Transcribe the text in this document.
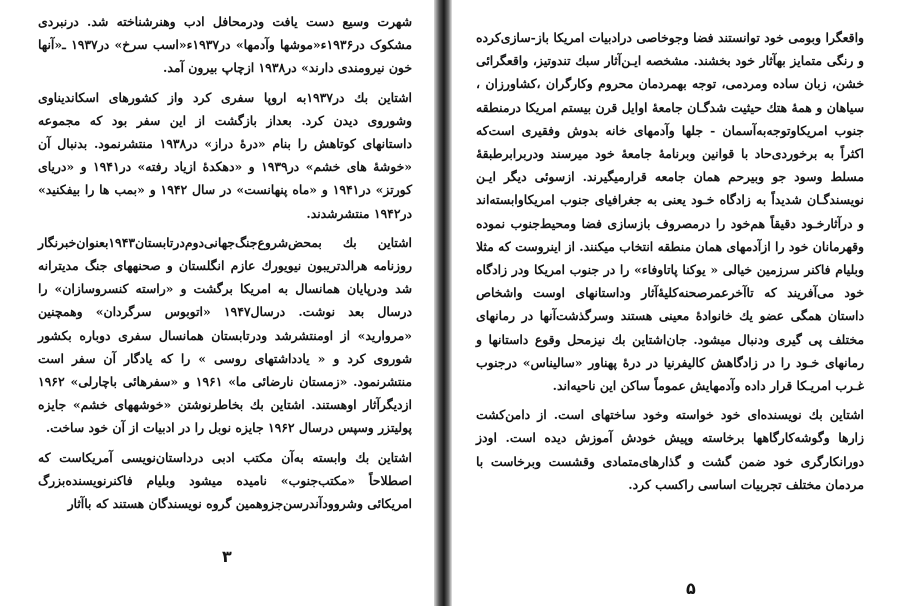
شهرت وسیع دست یافت ودرمحافل ادب وهنرشناخته شد. درنبردی مشکوک در۱۹۳۶ء«موشها وآدمها» در۱۹۳۷ء«اسب سرخ» در۱۹۳۷ ـ«آنها خون نیرومندی دارند» در۱۹۳۸ ازچاپ بیرون آمد.

اشتاین بك در۱۹۳۷به اروپا سفری کرد واز کشورهای اسکاندیناوی وشوروی دیدن کرد. بعداز بازگشت از این سفر بود که مجموعه داستانهای کوتاهش را بنام «درهٔ دراز» در۱۹۳۸ منتشرنمود. بدنبال آن «خوشهٔ های خشم» در۱۹۳۹ و «دهکدهٔ ازیاد رفته» در۱۹۴۱ و «دریای کورتز» در۱۹۴۱ و «ماه پنهانست» در سال ۱۹۴۲ و «بمب ها را بیفکنید» در۱۹۴۲ منتشرشدند.

اشتاین بك بمحض‌شروع‌جنگ‌جهانی‌دوم‌درتابستان۱۹۴۳بعنوان‌خبرنگار روزنامه هرالدتریبون نیویورك عازم انگلستان و صحنههای جنگ مدیترانه شد ودرپایان همانسال به امریکا برگشت و «راسته کنسروسازان» را درسال بعد نوشت. درسال۱۹۴۷ «اتوبوس سرگردان» وهمچنین «مروارید» از اومنتشرشد ودرتابستان همانسال سفری دوباره بکشور شوروی کرد و « یادداشتهای روسی » را که یادگار آن سفر است منتشرنمود. «زمستان نارضائی ما» ۱۹۶۱ و «سفرهائی باچارلی» ۱۹۶۲ ازدیگرآثار اوهستند. اشتاین بك بخاطرنوشتن «خوشههای خشم» جایزه پولیتزر وسپس درسال ۱۹۶۲ جایزه نوبل را در ادبیات از آن خود ساخت.

اشتاین بك وابسته به‌آن مکتب ادبی درداستان‌نویسی آمریکاست که اصطلاحاً «مکتب‌جنوب» نامیده میشود وبلیام فاکنرنویسنده‌بزرگ امریکائی وشروودآندرسن‌جزوهمین گروه نویسندگان هستند که باآثار

۳

واقعگرا وبومی خود توانستند فضا وجوخاصی درادبیات امریکا باز-سازی‌کرده و رنگی متمایز بهآثار خود بخشند. مشخصه ایـن‌آثار سبك تندوتیز، واقعگرائی خشن، زبان ساده ومردمی، توجه بهمردمان محروم وکارگران ،کشاورزان ، سیاهان و همهٔ هتك حیثیت شدگـان جامعهٔ اوایل قرن بیستم امریکا درمنطقه جنوب امریکاوتوجه‌به‌آسمان - جلها وآدمهای خانه بدوش وفقیری است‌که اکثراً به برخوردی‌حاد با قوانین وبرنامهٔ جامعهٔ خود میرسند ودربرابرطبقهٔ مسلط وسود جو وبیرحم همان جامعه قرارمیگیرند. ازسوئی دیگر ایـن نویسندگـان شدیداً به زادگاه خـود یعنی به جغرافیای جنوب امریکاوابسته‌اند و درآثارخـود دقیقاً هم‌خود را درمصروف بازسازی فضا ومحیط‌جنوب نموده وقهرمانان خود را ازآدمهای همان منطقه انتخاب میکنند. از اینروست که مثلا وبلیام فاکنر سرزمین خیالی « یوکنا پاتاوفاء» را در جنوب امریکا ودر زادگاه خود می‌آفریند که تاآخرعمرصحنه‌کلیهٔ‌آثار وداستانهای اوست واشخاص داستان همگی عضو یك خانوادهٔ معینی هستند وسرگذشت‌آنها در رمانهای مختلف پی گیری ودنبال میشود. جان‌اشتاین بك نیزمحل وقوع داستانها و رمانهای خـود را در زادگاهش کالیفرنیا در درهٔ پهناور «سالیناس» درجنوب غـرب امریـکا قرار داده وآدمهایش عموماً ساکن این ناحیه‌اند.

اشتاین بك نویسنده‌ای خود خواسته وخود ساختهای است. از دامن‌کشت زارها وگوشه‌کارگاهها برخاسته وپیش خودش آموزش دیده است. اودز دورانکارگری خود ضمن گشت و گذارهای‌متمادی وقشست وبرخاست با مردمان مختلف تجربیات اساسی راکسب کرد.

۵
